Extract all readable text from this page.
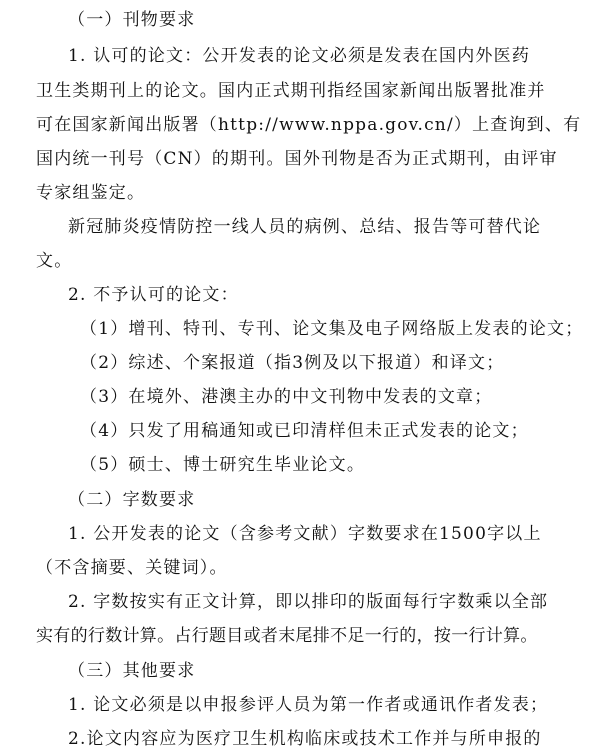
（一）刊物要求
1. 认可的论文：公开发表的论文必须是发表在国内外医药
卫生类期刊上的论文。国内正式期刊指经国家新闻出版署批准并
可在国家新闻出版署（http://www.nppa.gov.cn/）上查询到、有
国内统一刊号（CN）的期刊。国外刊物是否为正式期刊，由评审
专家组鉴定。
新冠肺炎疫情防控一线人员的病例、总结、报告等可替代论
文。
2. 不予认可的论文：
（1）增刊、特刊、专刊、论文集及电子网络版上发表的论文；
（2）综述、个案报道（指3例及以下报道）和译文；
（3）在境外、港澳主办的中文刊物中发表的文章；
（4）只发了用稿通知或已印清样但未正式发表的论文；
（5）硕士、博士研究生毕业论文。
（二）字数要求
1. 公开发表的论文（含参考文献）字数要求在1500字以上
（不含摘要、关键词）。
2. 字数按实有正文计算，即以排印的版面每行字数乘以全部
实有的行数计算。占行题目或者末尾排不足一行的，按一行计算。
（三）其他要求
1. 论文必须是以申报参评人员为第一作者或通讯作者发表；
2.论文内容应为医疗卫生机构临床或技术工作并与所申报的
